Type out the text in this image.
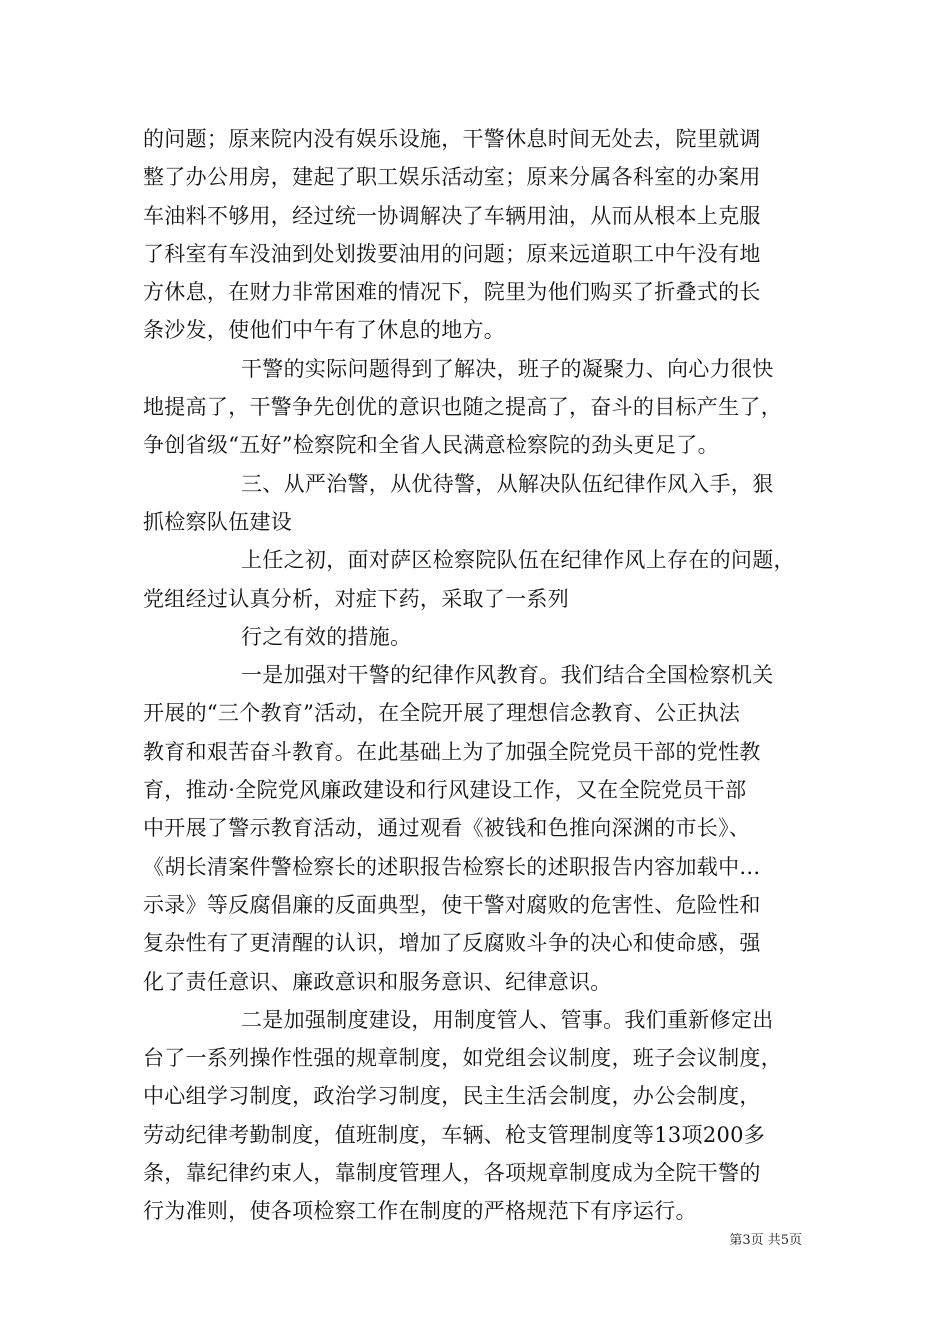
的问题；原来院内没有娱乐设施，干警休息时间无处去，院里就调
整了办公用房，建起了职工娱乐活动室；原来分属各科室的办案用
车油料不够用，经过统一协调解决了车辆用油，从而从根本上克服
了科室有车没油到处划拨要油用的问题；原来远道职工中午没有地
方休息，在财力非常困难的情况下，院里为他们购买了折叠式的长
条沙发，使他们中午有了休息的地方。
干警的实际问题得到了解决，班子的凝聚力、向心力很快
地提高了，干警争先创优的意识也随之提高了，奋斗的目标产生了，
争创省级“五好”检察院和全省人民满意检察院的劲头更足了。
三、从严治警，从优待警，从解决队伍纪律作风入手，狠
抓检察队伍建设
上任之初，面对萨区检察院队伍在纪律作风上存在的问题，
党组经过认真分析，对症下药，采取了一系列
行之有效的措施。
一是加强对干警的纪律作风教育。我们结合全国检察机关
开展的“三个教育”活动，在全院开展了理想信念教育、公正执法
教育和艰苦奋斗教育。在此基础上为了加强全院党员干部的党性教
育，推动·全院党风廉政建设和行风建设工作，又在全院党员干部
中开展了警示教育活动，通过观看《被钱和色推向深渊的市长》、
《胡长清案件警检察长的述职报告检察长的述职报告内容加载中...
示录》等反腐倡廉的反面典型，使干警对腐败的危害性、危险性和
复杂性有了更清醒的认识，增加了反腐败斗争的决心和使命感，强
化了责任意识、廉政意识和服务意识、纪律意识。
二是加强制度建设，用制度管人、管事。我们重新修定出
台了一系列操作性强的规章制度，如党组会议制度，班子会议制度，
中心组学习制度，政治学习制度，民主生活会制度，办公会制度，
劳动纪律考勤制度，值班制度，车辆、枪支管理制度等13项200多
条，靠纪律约束人，靠制度管理人，各项规章制度成为全院干警的
行为准则，使各项检察工作在制度的严格规范下有序运行。
第3页 共5页
